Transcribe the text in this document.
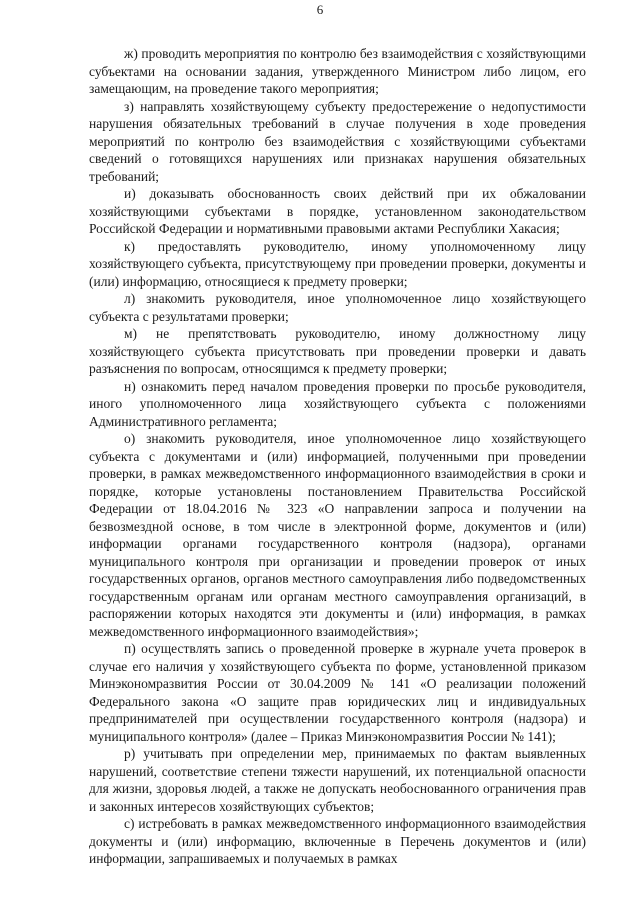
6

ж) проводить мероприятия по контролю без взаимодействия с хозяйствующими субъектами на основании задания, утвержденного Министром либо лицом, его замещающим, на проведение такого мероприятия;

з) направлять хозяйствующему субъекту предостережение о недопустимости нарушения обязательных требований в случае получения в ходе проведения мероприятий по контролю без взаимодействия с хозяйствующими субъектами сведений о готовящихся нарушениях или признаках нарушения обязательных требований;

и) доказывать обоснованность своих действий при их обжаловании хозяйствующими субъектами в порядке, установленном законодательством Российской Федерации и нормативными правовыми актами Республики Хакасия;

к) предоставлять руководителю, иному уполномоченному лицу хозяйствующего субъекта, присутствующему при проведении проверки, документы и (или) информацию, относящиеся к предмету проверки;

л) знакомить руководителя, иное уполномоченное лицо хозяйствующего субъекта с результатами проверки;

м) не препятствовать руководителю, иному должностному лицу хозяйствующего субъекта присутствовать при проведении проверки и давать разъяснения по вопросам, относящимся к предмету проверки;

н) ознакомить перед началом проведения проверки по просьбе руководителя, иного уполномоченного лица хозяйствующего субъекта с положениями Административного регламента;

о) знакомить руководителя, иное уполномоченное лицо хозяйствующего субъекта с документами и (или) информацией, полученными при проведении проверки, в рамках межведомственного информационного взаимодействия в сроки и порядке, которые установлены постановлением Правительства Российской Федерации от 18.04.2016 № 323 «О направлении запроса и получении на безвозмездной основе, в том числе в электронной форме, документов и (или) информации органами государственного контроля (надзора), органами муниципального контроля при организации и проведении проверок от иных государственных органов, органов местного самоуправления либо подведомственных государственным органам или органам местного самоуправления организаций, в распоряжении которых находятся эти документы и (или) информация, в рамках межведомственного информационного взаимодействия»;

п) осуществлять запись о проведенной проверке в журнале учета проверок в случае его наличия у хозяйствующего субъекта по форме, установленной приказом Минэкономразвития России от 30.04.2009 № 141 «О реализации положений Федерального закона «О защите прав юридических лиц и индивидуальных предпринимателей при осуществлении государственного контроля (надзора) и муниципального контроля» (далее – Приказ Минэкономразвития России № 141);

р) учитывать при определении мер, принимаемых по фактам выявленных нарушений, соответствие степени тяжести нарушений, их потенциальной опасности для жизни, здоровья людей, а также не допускать необоснованного ограничения прав и законных интересов хозяйствующих субъектов;

с) истребовать в рамках межведомственного информационного взаимодействия документы и (или) информацию, включенные в Перечень документов и (или) информации, запрашиваемых и получаемых в рамках
